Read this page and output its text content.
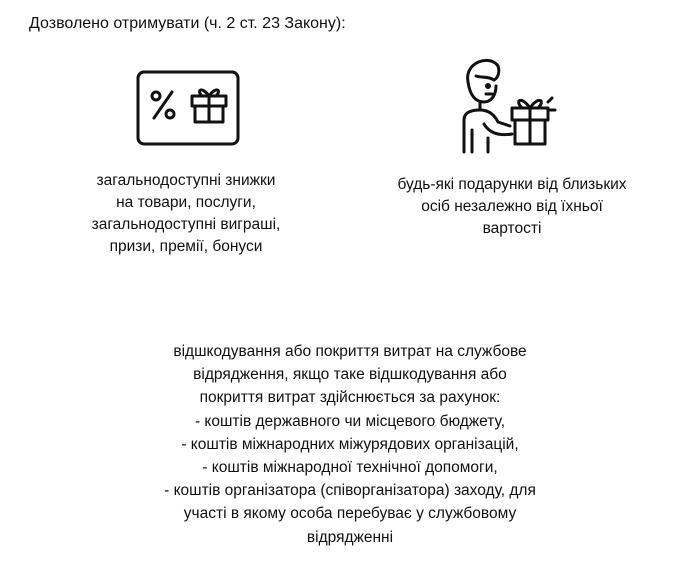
Дозволено отримувати (ч. 2 ст. 23 Закону):
загальнодоступні знижки
на товари, послуги,
загальнодоступні виграші,
призи, премії, бонуси
будь-які подарунки від близьких
осіб незалежно від їхньої
вартості
відшкодування або покриття витрат на службове
відрядження, якщо таке відшкодування або
покриття витрат здійснюється за рахунок:
- коштів державного чи місцевого бюджету,
- коштів міжнародних міжурядових організацій,
- коштів міжнародної технічної допомоги,
- коштів організатора (співорганізатора) заходу, для
участі в якому особа перебуває у службовому
відрядженні
